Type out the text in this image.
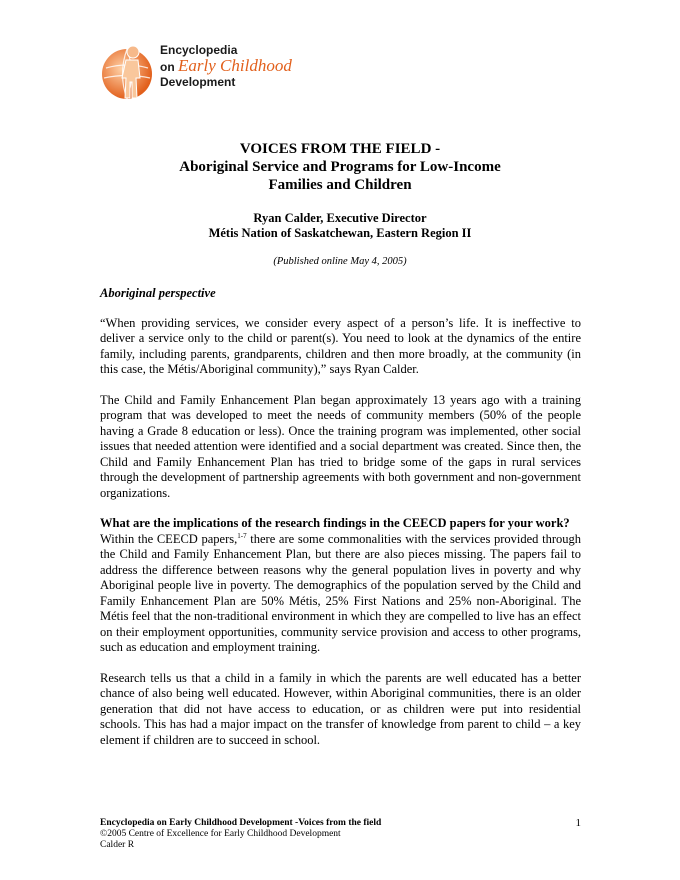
Encyclopedia
on Early Childhood
Development
VOICES FROM THE FIELD -
Aboriginal Service and Programs for Low-Income
Families and Children
Ryan Calder, Executive Director
Métis Nation of Saskatchewan, Eastern Region II
(Published online May 4, 2005)
Aboriginal perspective

“When providing services, we consider every aspect of a person’s life. It is ineffective to deliver a service only to the child or parent(s). You need to look at the dynamics of the entire family, including parents, grandparents, children and then more broadly, at the community (in this case, the Métis/Aboriginal community),” says Ryan Calder.

The Child and Family Enhancement Plan began approximately 13 years ago with a training program that was developed to meet the needs of community members (50% of the people having a Grade 8 education or less). Once the training program was implemented, other social issues that needed attention were identified and a social department was created. Since then, the Child and Family Enhancement Plan has tried to bridge some of the gaps in rural services through the development of partnership agreements with both government and non-government organizations.

What are the implications of the research findings in the CEECD papers for your work?

Within the CEECD papers,$^{1-7}$ there are some commonalities with the services provided through the Child and Family Enhancement Plan, but there are also pieces missing. The papers fail to address the difference between reasons why the general population lives in poverty and why Aboriginal people live in poverty. The demographics of the population served by the Child and Family Enhancement Plan are 50% Métis, 25% First Nations and 25% non-Aboriginal. The Métis feel that the non-traditional environment in which they are compelled to live has an effect on their employment opportunities, community service provision and access to other programs, such as education and employment training.

Research tells us that a child in a family in which the parents are well educated has a better chance of also being well educated. However, within Aboriginal communities, there is an older generation that did not have access to education, or as children were put into residential schools. This has had a major impact on the transfer of knowledge from parent to child – a key element if children are to succeed in school.

Encyclopedia on Early Childhood Development -Voices from the field
©2005 Centre of Excellence for Early Childhood Development
Calder R
1
